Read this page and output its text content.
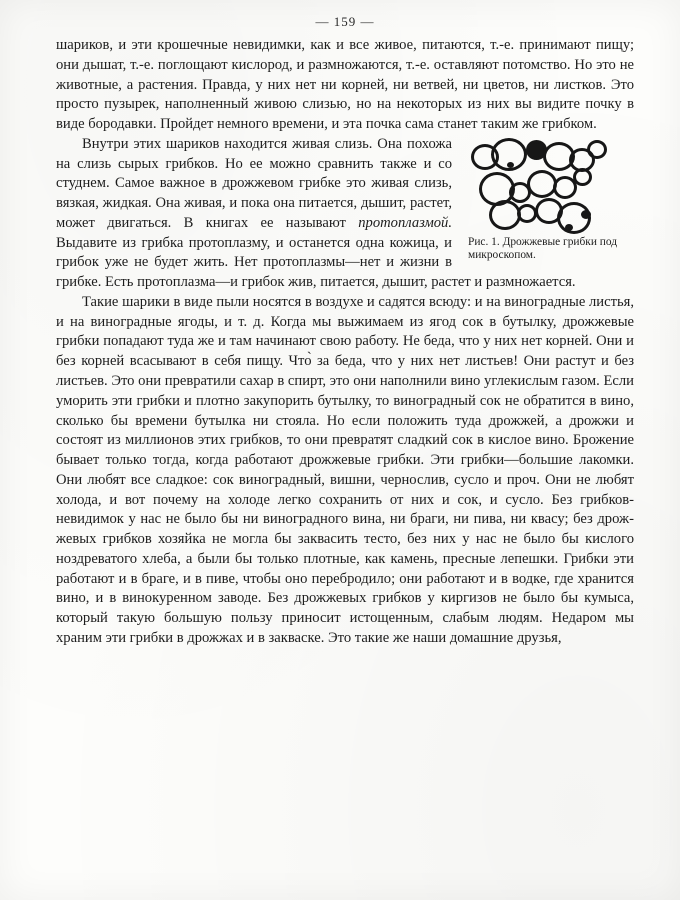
— 159 —

шариков, и эти крошечные невидимки, как и все живое, питаются, т.-е. принимают пищу; они дышат, т.-е. поглощают кислород, и размножаются, т.-е. оставляют потомство. Но это не животные, а растения. Правда, у них нет ни корней, ни ветвей, ни цветов, ни листков. Это просто пузырек, наполненный живою слизью, но на некоторых из них вы видите почку в виде бородавки. Пройдет немного времени, и эта почка сама станет таким же грибком.

Рис. 1. Дрожжевые грибки под микроскопом.

Внутри этих шариков находится живая слизь. Она похожа на слизь сырых грибков. Но ее можно сравнить также и со студнем. Самое важное в дрожжевом грибке это живая слизь, вязкая, жидкая. Она живая, и пока она питается, дышит, растет, может двигаться. В книгах ее называют протоплазмой. Выдавите из грибка протоплазму, и останется одна кожица, и грибок уже не будет жить. Нет протоплазмы—нет и жизни в грибке. Есть протоплазма—и грибок жив, питается, дышит, растет и размножается.

Такие шарики в виде пыли носятся в воздухе и садятся всюду: и на виноградные листья, и на виноградные ягоды, и т. д. Когда мы выжимаем из ягод сок в бутылку, дрожжевые грибки попадают туда же и там начинают свою работу. Не беда, что у них нет корней. Они и без корней всасывают в себя пищу. Что̀ за беда, что у них нет листьев! Они растут и без листьев. Это они превратили сахар в спирт, это они наполнили вино углекислым газом. Если уморить эти грибки и плотно закупорить бутылку, то виноградный сок не обратится в вино, сколько бы времени бутылка ни стояла. Но если положить туда дрожжей, а дрожжи и состоят из миллионов этих грибков, то они превратят сладкий сок в кислое вино. Брожение бывает только тогда, когда работают дрожжевые грибки. Эти грибки—большие лакомки. Они любят все сладкое: сок виноградный, вишни, чернослив, сусло и проч. Они не любят холода, и вот почему на холоде легко сохранить от них и сок, и сусло. Без грибков-невидимок у нас не было бы ни виноградного вина, ни браги, ни пива, ни квасу; без дрожжевых грибков хозяйка не могла бы заквасить тесто, без них у нас не было бы кислого ноздреватого хлеба, а были бы только плотные, как камень, пресные лепешки. Грибки эти работают и в браге, и в пиве, чтобы оно перебродило; они работают и в водке, где хранится вино, и в винокуренном заводе. Без дрожжевых грибков у киргизов не было бы кумыса, который такую большую пользу приносит истощенным, слабым людям. Недаром мы храним эти грибки в дрожжах и в закваске. Это такие же наши домашние друзья,
